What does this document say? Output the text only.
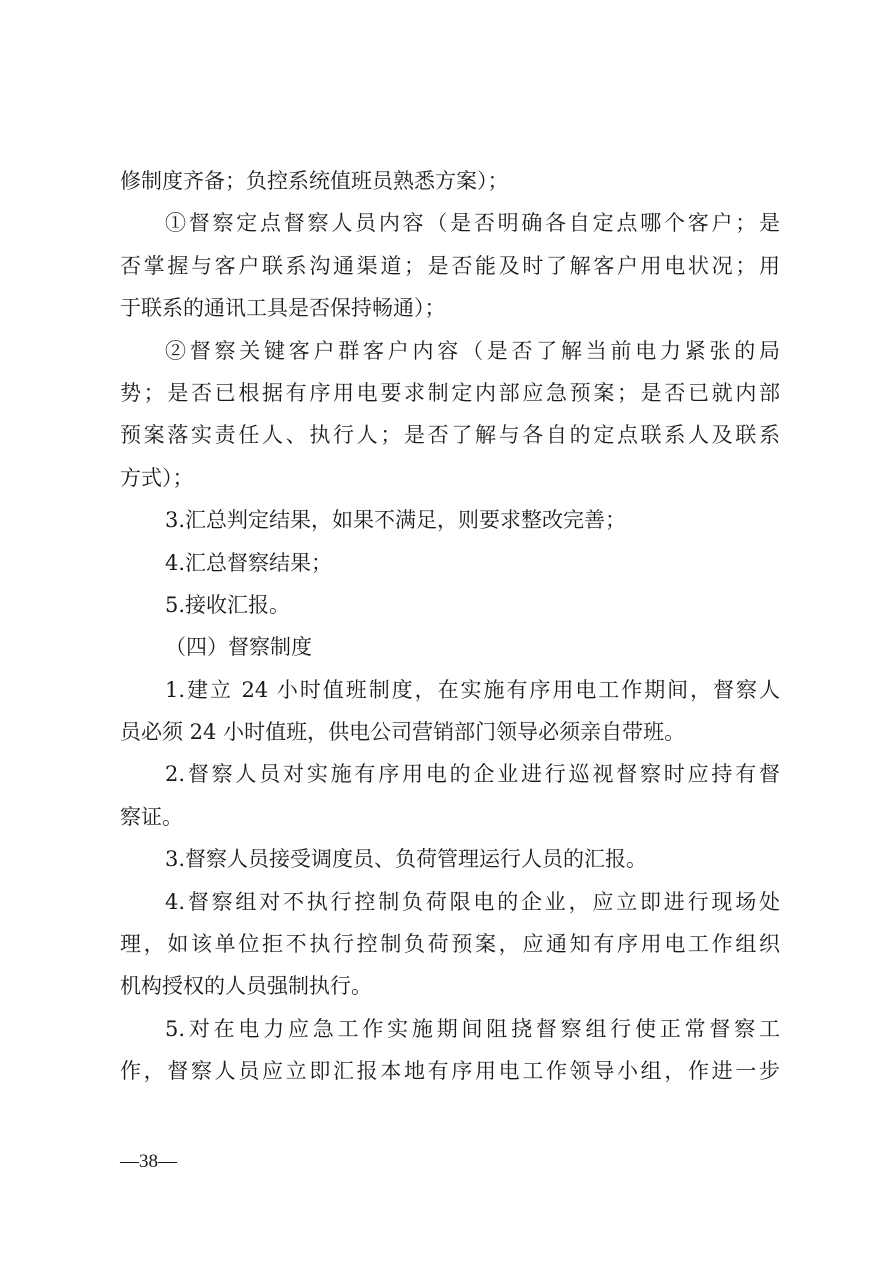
修制度齐备；负控系统值班员熟悉方案）；
①督察定点督察人员内容（是否明确各自定点哪个客户；是
否掌握与客户联系沟通渠道；是否能及时了解客户用电状况；用
于联系的通讯工具是否保持畅通）；
②督察关键客户群客户内容（是否了解当前电力紧张的局
势；是否已根据有序用电要求制定内部应急预案；是否已就内部
预案落实责任人、执行人；是否了解与各自的定点联系人及联系
方式）；
3.汇总判定结果，如果不满足，则要求整改完善；
4.汇总督察结果；
5.接收汇报。
（四）督察制度
1.建立 24 小时值班制度，在实施有序用电工作期间，督察人
员必须 24 小时值班，供电公司营销部门领导必须亲自带班。
2.督察人员对实施有序用电的企业进行巡视督察时应持有督
察证。
3.督察人员接受调度员、负荷管理运行人员的汇报。
4.督察组对不执行控制负荷限电的企业，应立即进行现场处
理，如该单位拒不执行控制负荷预案，应通知有序用电工作组织
机构授权的人员强制执行。
5.对在电力应急工作实施期间阻挠督察组行使正常督察工
作，督察人员应立即汇报本地有序用电工作领导小组，作进一步
—38—
